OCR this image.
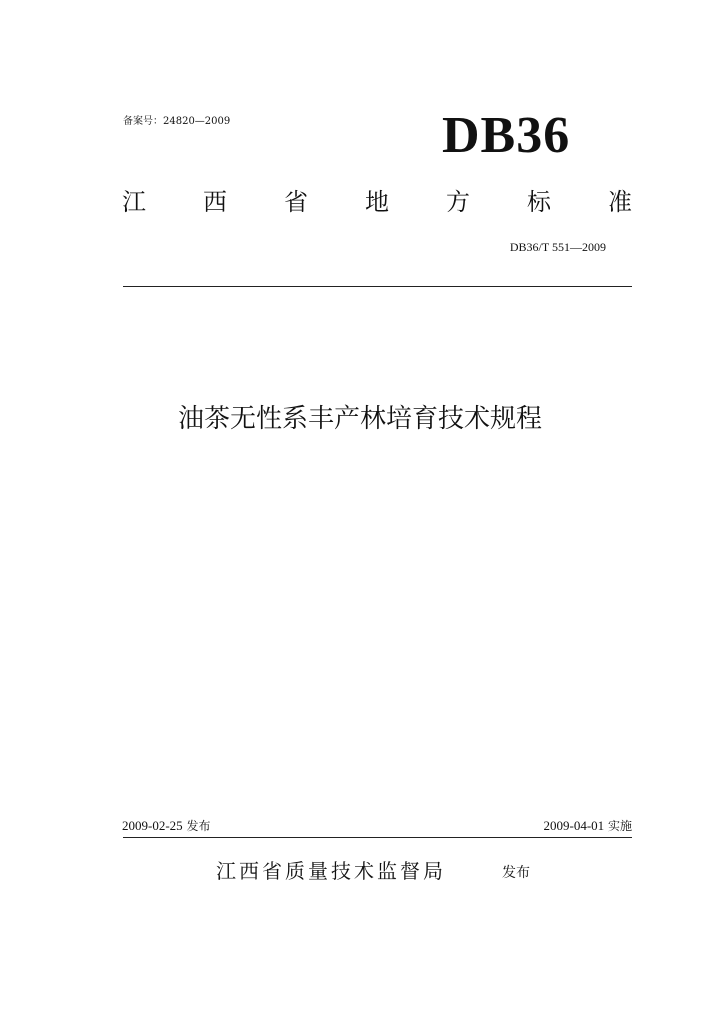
备案号：24820—2009	DB36
江 西 省 地 方 标 准
DB36/T 551—2009
油茶无性系丰产林培育技术规程
2009-02-25 发布	2009-04-01 实施
江西省质量技术监督局	发布
